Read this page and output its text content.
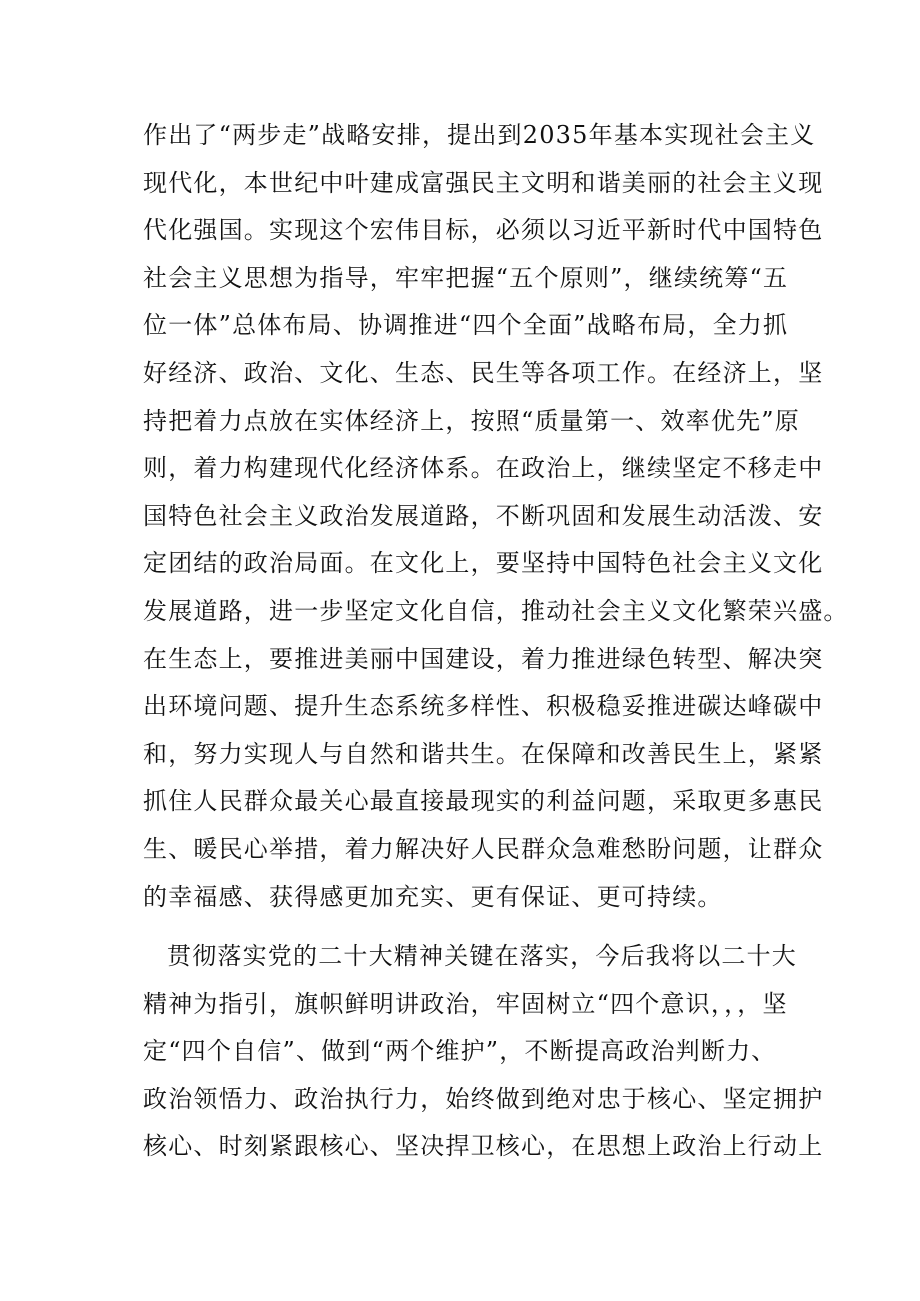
作出了“两步走”战略安排，提出到2035年基本实现社会主义
现代化，本世纪中叶建成富强民主文明和谐美丽的社会主义现
代化强国。实现这个宏伟目标，必须以习近平新时代中国特色
社会主义思想为指导，牢牢把握“五个原则”，继续统筹“五
位一体”总体布局、协调推进“四个全面”战略布局，全力抓
好经济、政治、文化、生态、民生等各项工作。在经济上，坚
持把着力点放在实体经济上，按照“质量第一、效率优先”原
则，着力构建现代化经济体系。在政治上，继续坚定不移走中
国特色社会主义政治发展道路，不断巩固和发展生动活泼、安
定团结的政治局面。在文化上，要坚持中国特色社会主义文化
发展道路，进一步坚定文化自信，推动社会主义文化繁荣兴盛。
在生态上，要推进美丽中国建设，着力推进绿色转型、解决突
出环境问题、提升生态系统多样性、积极稳妥推进碳达峰碳中
和，努力实现人与自然和谐共生。在保障和改善民生上，紧紧
抓住人民群众最关心最直接最现实的利益问题，采取更多惠民
生、暖民心举措，着力解决好人民群众急难愁盼问题，让群众
的幸福感、获得感更加充实、更有保证、更可持续。
贯彻落实党的二十大精神关键在落实，今后我将以二十大
精神为指引，旗帜鲜明讲政治，牢固树立“四个意识，，，坚
定“四个自信”、做到“两个维护”，不断提高政治判断力、
政治领悟力、政治执行力，始终做到绝对忠于核心、坚定拥护
核心、时刻紧跟核心、坚决捍卫核心，在思想上政治上行动上
